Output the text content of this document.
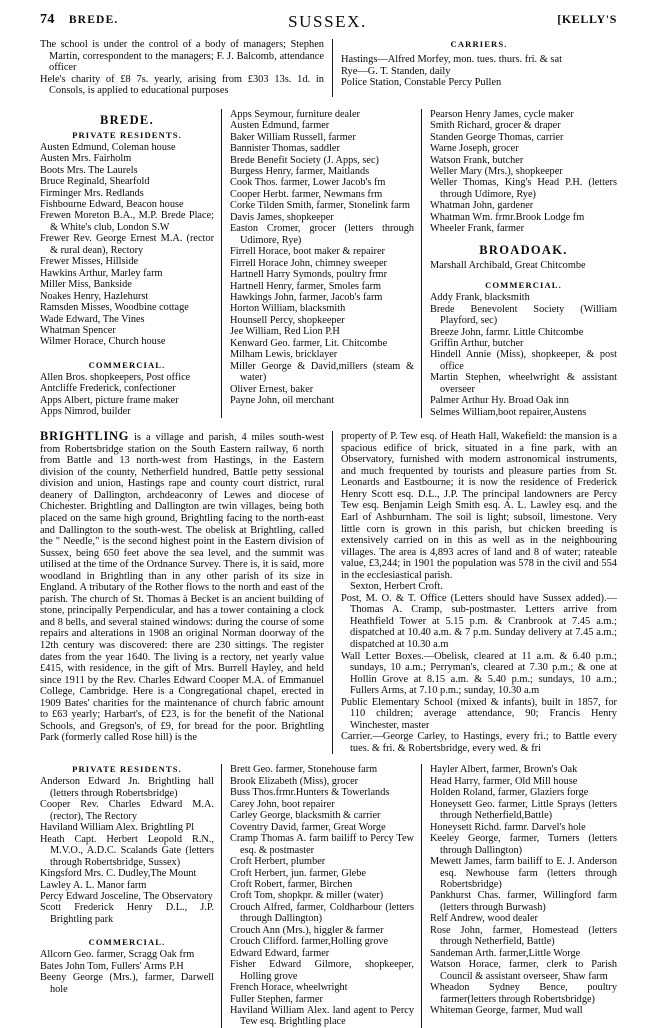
74 BREDE.	SUSSEX.	[KELLY'S
The school is under the control of a body of managers; Stephen Martin, correspondent to the managers; F. J. Balcomb, attendance officer
Hele's charity of £8 7s. yearly, arising from £303 13s. 1d. in Consols, is applied to educational purposes
CARRIERS.
Hastings—Alfred Morfey, mon. tues. thurs. fri. & sat
Rye—G. T. Standen, daily
Police Station, Constable Percy Pullen
BREDE.
PRIVATE RESIDENTS.
Austen Edmund, Coleman house
Austen Mrs. Fairholm
Boots Mrs. The Laurels
Bruce Reginald, Shearfold
Firminger Mrs. Redlands
Fishbourne Edward, Beacon house
Frewen Moreton B.A., M.P. Brede Place; & White's club, London S.W
Frewer Rev. George Ernest M.A. (rector & rural dean), Rectory
Frewer Misses, Hillside
Hawkins Arthur, Marley farm
Miller Miss, Bankside
Noakes Henry, Hazlehurst
Ramsden Misses, Woodbine cottage
Wade Edward, The Vines
Whatman Spencer
Wilmer Horace, Church house
COMMERCIAL.
Allen Bros. shopkeepers, Post office
Antcliffe Frederick, confectioner
Apps Albert, picture frame maker
Apps Nimrod, builder
Apps Seymour, furniture dealer
Austen Edmund, farmer
Baker William Russell, farmer
Bannister Thomas, saddler
Brede Benefit Society (J. Apps, sec)
Burgess Henry, farmer, Maitlands
Cook Thos. farmer, Lower Jacob's fm
Cooper Herbt. farmer, Newmans frm
Corke Tilden Smith, farmer, Stonelink farm
Davis James, shopkeeper
Easton Cromer, grocer (letters through Udimore, Rye)
Firrell Horace, boot maker & repairer
Firrell Horace John, chimney sweeper
Hartnell Harry Symonds, poultry frmr
Hartnell Henry, farmer, Smoles farm
Hawkings John, farmer, Jacob's farm
Horton William, blacksmith
Hounsell Percy, shopkeeper
Jee William, Red Lion P.H
Kenward Geo. farmer, Lit. Chitcombe
Milham Lewis, bricklayer
Miller George & David,millers (steam & water)
Oliver Ernest, baker
Payne John, oil merchant
Pearson Henry James, cycle maker
Smith Richard, grocer & draper
Standen George Thomas, carrier
Warne Joseph, grocer
Watson Frank, butcher
Weller Mary (Mrs.), shopkeeper
Weller Thomas, King's Head P.H. (letters through Udimore, Rye)
Whatman John, gardener
Whatman Wm. frmr.Brook Lodge fm
Wheeler Frank, farmer
BROADOAK.
Marshall Archibald, Great Chitcombe
COMMERCIAL.
Addy Frank, blacksmith
Brede Benevolent Society (William Playford, sec)
Breeze John, farmr. Little Chitcombe
Griffin Arthur, butcher
Hindell Annie (Miss), shopkeeper, & post office
Martin Stephen, wheelwright & assistant overseer
Palmer Arthur Hy. Broad Oak inn
Selmes William,boot repairer,Austens
BRIGHTLING is a village and parish, 4 miles south-west from Robertsbridge station on the South Eastern railway, 6 north from Battle and 13 north-west from Hastings, in the Eastern division of the county, Netherfield hundred, Battle petty sessional division and union, Hastings rape and county court district, rural deanery of Dallington, archdeaconry of Lewes and diocese of Chichester. Brightling and Dallington are twin villages, being both placed on the same high ground, Brightling facing to the north-east and Dallington to the south-west. The obelisk at Brightling, called the " Needle," is the second highest point in the Eastern division of Sussex, being 650 feet above the sea level, and the summit was utilised at the time of the Ordnance Survey. There is, it is said, more woodland in Brightling than in any other parish of its size in England. A tributary of the Rother flows to the north and east of the parish. The church of St. Thomas à Becket is an ancient building of stone, principally Perpendicular, and has a tower containing a clock and 8 bells, and several stained windows: during the course of some repairs and alterations in 1908 an original Norman doorway of the 12th century was discovered: there are 230 sittings. The register dates from the year 1640. The living is a rectory, net yearly value £415, with residence, in the gift of Mrs. Burrell Hayley, and held since 1911 by the Rev. Charles Edward Cooper M.A. of Emmanuel College, Cambridge. Here is a Congregational chapel, erected in 1909 Bates' charities for the maintenance of church fabric amount to £63 yearly; Harbart's, of £23, is for the benefit of the National Schools, and Gregson's, of £9, for bread for the poor. Brightling Park (formerly called Rose hill) is the
property of P. Tew esq. of Heath Hall, Wakefield: the mansion is a spacious edifice of brick, situated in a fine park, with an Observatory, furnished with modern astronomical instruments, and much frequented by tourists and pleasure parties from St. Leonards and Eastbourne; it is now the residence of Frederick Henry Scott esq. D.L., J.P. The principal landowners are Percy Tew esq. Benjamin Leigh Smith esq. A. L. Lawley esq. and the Earl of Ashburnham. The soil is light; subsoil, limestone. Very little corn is grown in this parish, but chicken breeding is extensively carried on in this as well as in the neighbouring villages. The area is 4,893 acres of land and 8 of water; rateable value, £3,244; in 1901 the population was 578 in the civil and 554 in the ecclesiastical parish.
Sexton, Herbert Croft.
Post, M. O. & T. Office (Letters should have Sussex added).—Thomas A. Cramp, sub-postmaster. Letters arrive from Heathfield Tower at 5.15 p.m. & Cranbrook at 7.45 a.m.; dispatched at 10.40 a.m. & 7 p.m. Sunday delivery at 7.45 a.m.; dispatched at 10.30 a.m
Wall Letter Boxes.—Obelisk, cleared at 11 a.m. & 6.40 p.m.; sundays, 10 a.m.; Perryman's, cleared at 7.30 p.m.; & one at Hollin Grove at 8.15 a.m. & 5.40 p.m.; sundays, 10 a.m.; Fullers Arms, at 7.10 p.m.; sunday, 10.30 a.m
Public Elementary School (mixed & infants), built in 1857, for 110 children; average attendance, 90; Francis Henry Winchester, master
Carrier.—George Carley, to Hastings, every fri.; to Battle every tues. & fri. & Robertsbridge, every wed. & fri
PRIVATE RESIDENTS.
Anderson Edward Jn. Brightling hall (letters through Robertsbridge)
Cooper Rev. Charles Edward M.A. (rector), The Rectory
Haviland William Alex. Brightling Pl
Heath Capt. Herbert Leopold R.N., M.V.O., A.D.C. Scalands Gate (letters through Robertsbridge, Sussex)
Kingsford Mrs. C. Dudley,The Mount
Lawley A. L. Manor farm
Percy Edward Josceline, The Observatory
Scott Frederick Henry D.L., J.P. Brightling park
COMMERCIAL.
Allcorn Geo. farmer, Scragg Oak frm
Bates John Tom, Fullers' Arms P.H
Beeny George (Mrs.), farmer, Darwell hole
Brett Geo. farmer, Stonehouse farm
Brook Elizabeth (Miss), grocer
Buss Thos.frmr.Hunters & Towerlands
Carey John, boot repairer
Carley George, blacksmith & carrier
Coventry David, farmer, Great Worge
Cramp Thomas A. farm bailiff to Percy Tew esq. & postmaster
Croft Herbert, plumber
Croft Herbert, jun. farmer, Glebe
Croft Robert, farmer, Birchen
Croft Tom, shopkpr. & miller (water)
Crouch Alfred, farmer, Coldharbour (letters through Dallington)
Crouch Ann (Mrs.), higgler & farmer
Crouch Clifford. farmer,Holling grove
Edward Edward, farmer
Fisher Edward Gilmore, shopkeeper, Holling grove
French Horace, wheelwright
Fuller Stephen, farmer
Haviland William Alex. land agent to Percy Tew esq. Brightling place
Hayler Albert, farmer, Brown's Oak
Head Harry, farmer, Old Mill house
Holden Roland, farmer, Glaziers forge
Honeysett Geo. farmer, Little Sprays (letters through Netherfield,Battle)
Honeysett Richd. farmr. Darvel's hole
Keeley George, farmer, Turners (letters through Dallington)
Mewett James, farm bailiff to E. J. Anderson esq. Newhouse farm (letters through Robertsbridge)
Pankhurst Chas. farmer, Willingford farm (letters through Burwash)
Relf Andrew, wood dealer
Rose John, farmer, Homestead (letters through Netherfield, Battle)
Sandeman Arth. farmer,Little Worge
Watson Horace, farmer, clerk to Parish Council & assistant overseer, Shaw farm
Wheadon Sydney Bence, poultry farmer(letters through Robertsbridge)
Whiteman George, farmer, Mud wall
